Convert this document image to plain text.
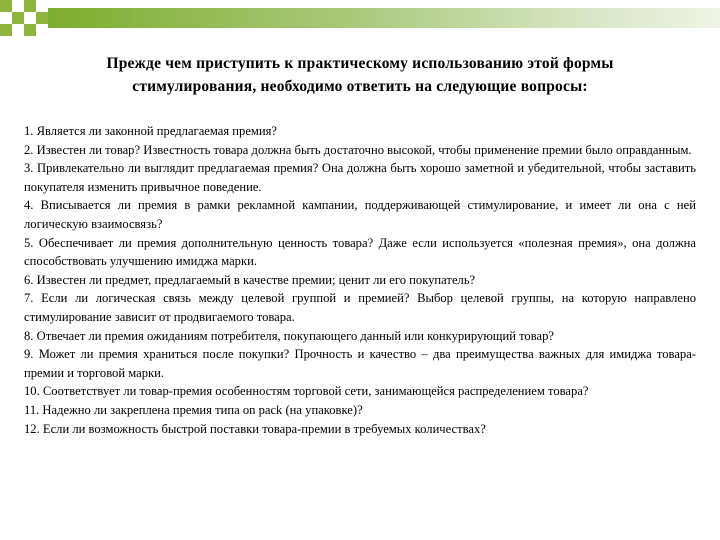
Прежде чем приступить к практическому использованию этой формы
стимулирования, необходимо ответить на следующие вопросы:
1. Является ли законной предлагаемая премия?
2. Известен ли товар? Известность товара должна быть достаточно высокой, чтобы применение премии было оправданным.
3. Привлекательно ли выглядит предлагаемая премия? Она должна быть хорошо заметной и убедительной, чтобы заставить покупателя изменить привычное поведение.
4. Вписывается ли премия в рамки рекламной кампании, поддерживающей стимулирование, и имеет ли она с ней логическую взаимосвязь?
5. Обеспечивает ли премия дополнительную ценность товара? Даже если используется «полезная премия», она должна способствовать улучшению имиджа марки.
6. Известен ли предмет, предлагаемый в качестве премии; ценит ли его покупатель?
7. Если ли логическая связь между целевой группой и премией? Выбор целевой группы, на которую направлено стимулирование зависит от продвигаемого товара.
8. Отвечает ли премия ожиданиям потребителя, покупающего данный или конкурирующий товар?
9. Может ли премия храниться после покупки? Прочность и качество – два преимущества важных для имиджа товара-премии и торговой марки.
10. Соответствует ли товар-премия особенностям торговой сети, занимающейся распределением товара?
11. Надежно ли закреплена премия типа on pack (на упаковке)?
12. Если ли возможность быстрой поставки товара-премии в требуемых количествах?
